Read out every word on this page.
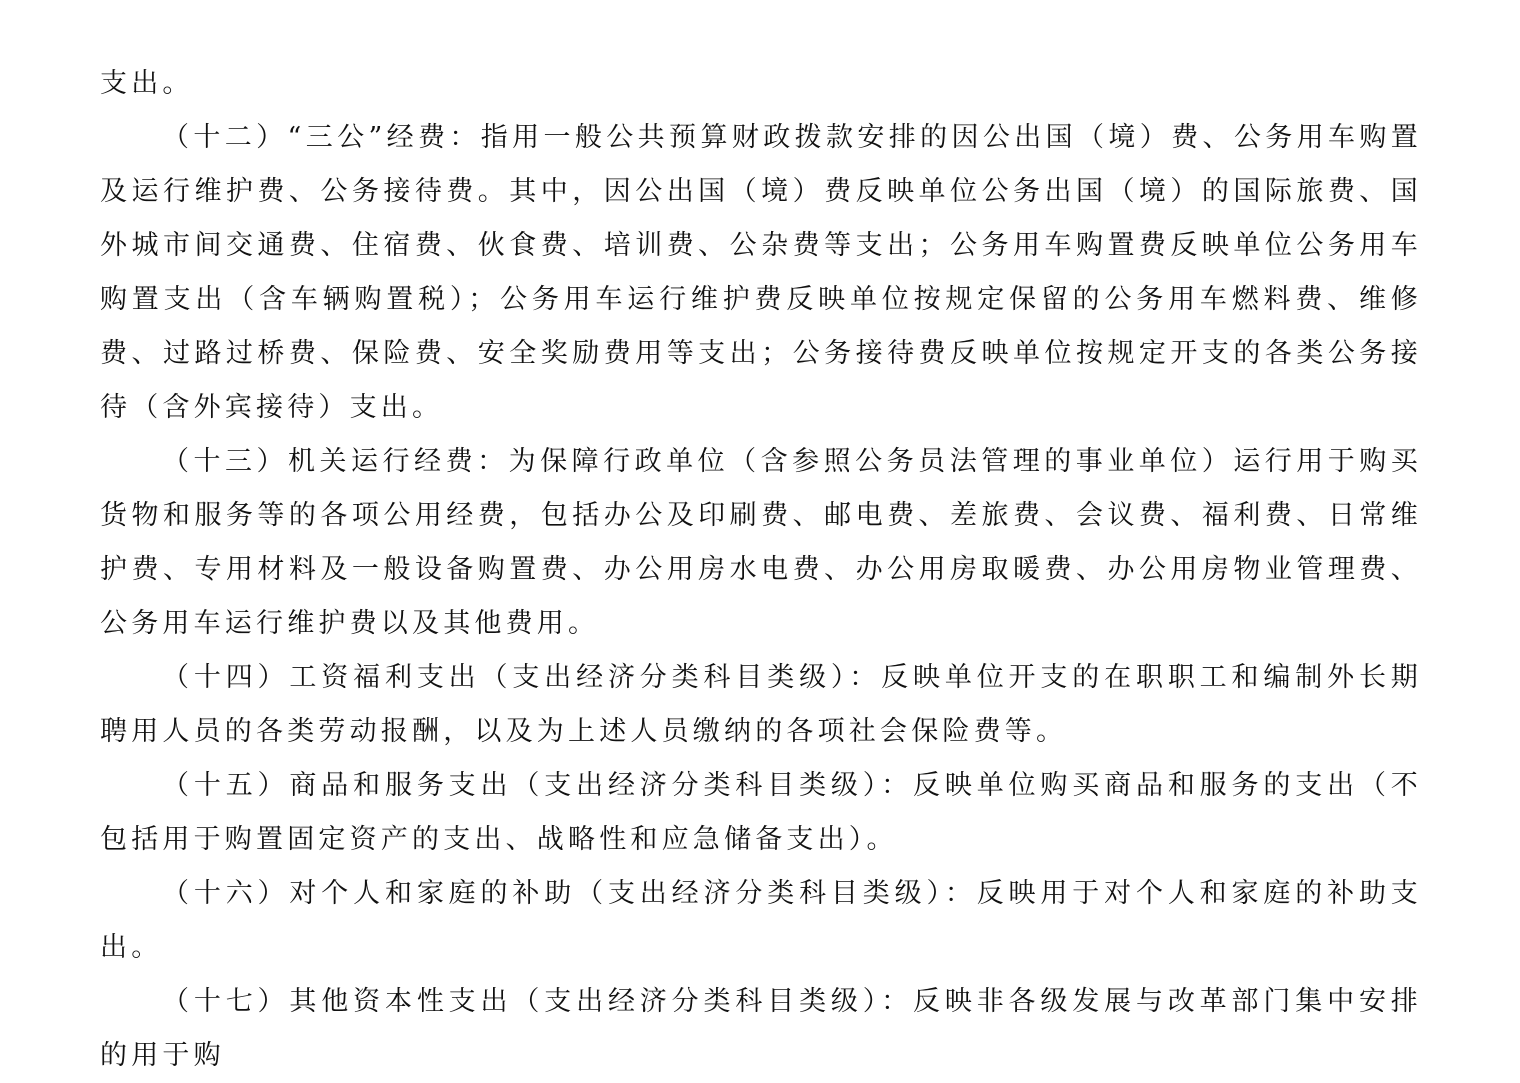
支出。

（十二）“三公”经费：指用一般公共预算财政拨款安排的因公出国（境）费、公务用车购置及运行维护费、公务接待费。其中，因公出国（境）费反映单位公务出国（境）的国际旅费、国外城市间交通费、住宿费、伙食费、培训费、公杂费等支出；公务用车购置费反映单位公务用车购置支出（含车辆购置税）；公务用车运行维护费反映单位按规定保留的公务用车燃料费、维修费、过路过桥费、保险费、安全奖励费用等支出；公务接待费反映单位按规定开支的各类公务接待（含外宾接待）支出。

（十三）机关运行经费：为保障行政单位（含参照公务员法管理的事业单位）运行用于购买货物和服务等的各项公用经费，包括办公及印刷费、邮电费、差旅费、会议费、福利费、日常维护费、专用材料及一般设备购置费、办公用房水电费、办公用房取暖费、办公用房物业管理费、公务用车运行维护费以及其他费用。

（十四）工资福利支出（支出经济分类科目类级）：反映单位开支的在职职工和编制外长期聘用人员的各类劳动报酬，以及为上述人员缴纳的各项社会保险费等。

（十五）商品和服务支出（支出经济分类科目类级）：反映单位购买商品和服务的支出（不包括用于购置固定资产的支出、战略性和应急储备支出）。

（十六）对个人和家庭的补助（支出经济分类科目类级）：反映用于对个人和家庭的补助支出。

（十七）其他资本性支出（支出经济分类科目类级）：反映非各级发展与改革部门集中安排的用于购
